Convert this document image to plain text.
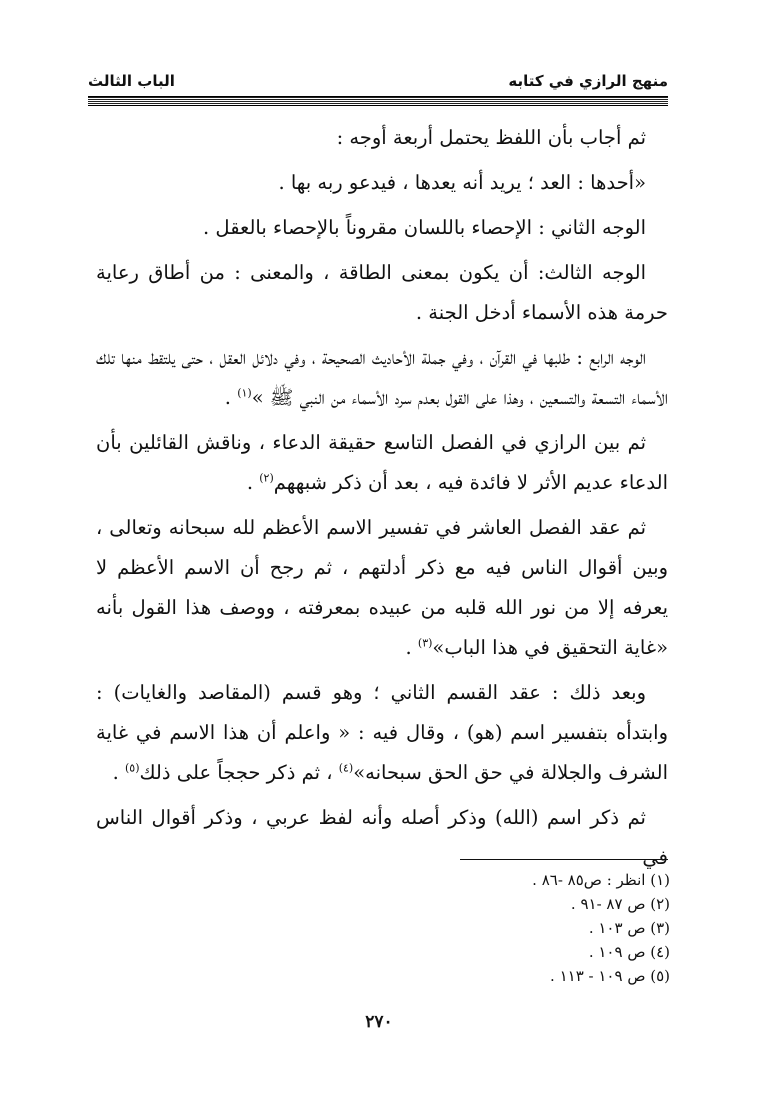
منهج الرازي في كتابه
الباب الثالث

ثم أجاب بأن اللفظ يحتمل أربعة أوجه :

«أحدها : العد ؛ يريد أنه يعدها ، فيدعو ربه بها .

الوجه الثاني : الإحصاء باللسان مقروناً بالإحصاء بالعقل .

الوجه الثالث: أن يكون بمعنى الطاقة ، والمعنى : من أطاق رعاية حرمة هذه الأسماء أدخل الجنة .

الوجه الرابع : طلبها في القرآن ، وفي جملة الأحاديث الصحيحة ، وفي دلائل العقل ، حتى يلتقط منها تلك الأسماء التسعة والتسعين ، وهذا على القول بعدم سرد الأسماء من النبي ﷺ »$^{(١)}$ .

ثم بين الرازي في الفصل التاسع حقيقة الدعاء ، وناقش القائلين بأن الدعاء عديم الأثر لا فائدة فيه ، بعد أن ذكر شبههم$^{(٢)}$ .

ثم عقد الفصل العاشر في تفسير الاسم الأعظم لله سبحانه وتعالى ، وبين أقوال الناس فيه مع ذكر أدلتهم ، ثم رجح أن الاسم الأعظم لا يعرفه إلا من نور الله قلبه من عبيده بمعرفته ، ووصف هذا القول بأنه «غاية التحقيق في هذا الباب»$^{(٣)}$ .

وبعد ذلك : عقد القسم الثاني ؛ وهو قسم (المقاصد والغايات) : وابتدأه بتفسير اسم (هو) ، وقال فيه : « واعلم أن هذا الاسم في غاية الشرف والجلالة في حق الحق سبحانه»$^{(٤)}$ ، ثم ذكر حججاً على ذلك$^{(٥)}$ .

ثم ذكر اسم (الله) وذكر أصله وأنه لفظ عربي ، وذكر أقوال الناس في

(١) انظر : ص٨٥ -٨٦ .

(٢) ص ٨٧ -٩١ .

(٣) ص ١٠٣ .

(٤) ص ١٠٩ .

(٥) ص ١٠٩ - ١١٣ .

٢٧٠
